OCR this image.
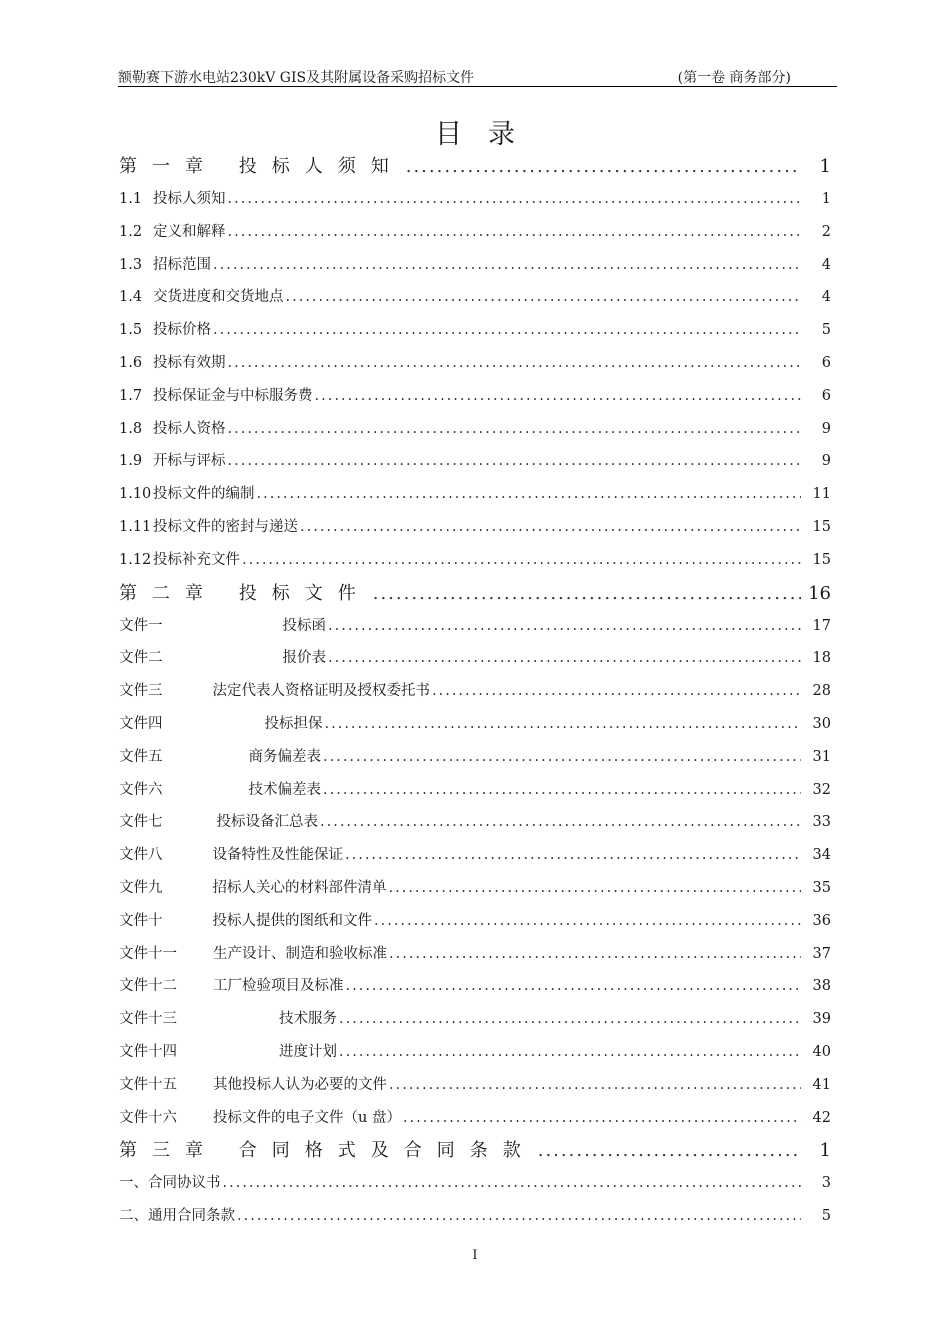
额勒赛下游水电站230kV GIS及其附属设备采购招标文件	(第一卷 商务部分)
目录
第一章 投标人须知 .....	1
1.1 投标人须知 .....	1
1.2 定义和解释 .....	2
1.3 招标范围 .....	4
1.4 交货进度和交货地点 .....	4
1.5 投标价格 .....	5
1.6 投标有效期 .....	6
1.7 投标保证金与中标服务费 .....	6
1.8 投标人资格 .....	9
1.9 开标与评标 .....	9
1.10 投标文件的编制 .....	11
1.11 投标文件的密封与递送 .....	15
1.12 投标补充文件 .....	15
第二章 投标文件 .....	16
文件一	投标函 .....	17
文件二	报价表 .....	18
文件三	法定代表人资格证明及授权委托书 .....	28
文件四	投标担保 .....	30
文件五	商务偏差表 .....	31
文件六	技术偏差表 .....	32
文件七	投标设备汇总表 .....	33
文件八	设备特性及性能保证 .....	34
文件九	招标人关心的材料部件清单 .....	35
文件十	投标人提供的图纸和文件 .....	36
文件十一 生产设计、制造和验收标准 .....	37
文件十二 工厂检验项目及标准 .....	38
文件十三	技术服务 .....	39
文件十四	进度计划 .....	40
文件十五 其他投标人认为必要的文件 .....	41
文件十六 投标文件的电子文件（u 盘） .....	42
第三章 合同格式及合同条款 .....	1
一、合同协议书 .....	3
二、通用合同条款 .....	5
I
